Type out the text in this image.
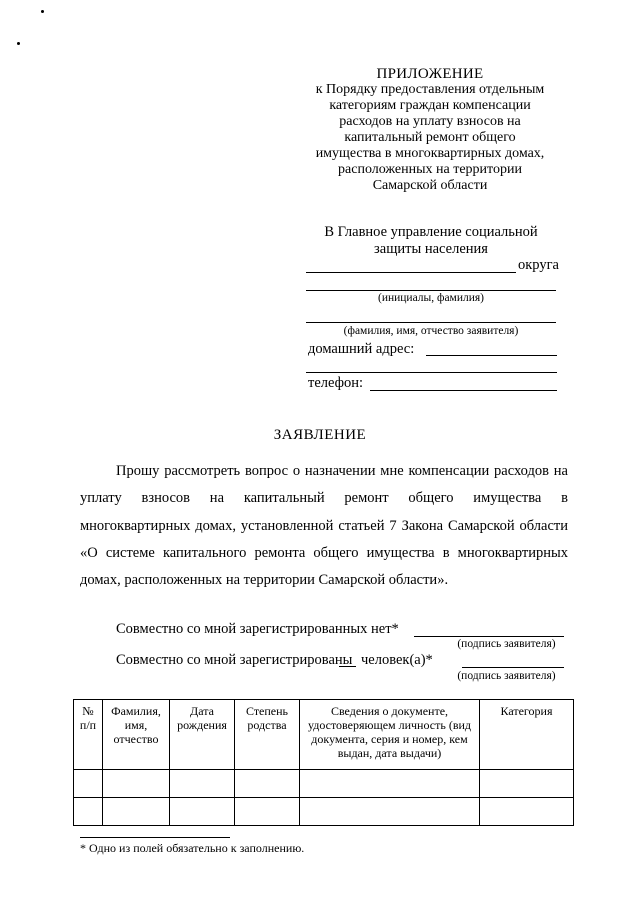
ПРИЛОЖЕНИЕ
к Порядку предоставления отдельным
категориям граждан компенсации
расходов на уплату взносов на
капитальный ремонт общего
имущества в многоквартирных домах,
расположенных на территории
Самарской области
В Главное управление социальной
защиты населения
округа
(инициалы, фамилия)
(фамилия, имя, отчество заявителя)
домашний адрес:
телефон:
ЗАЯВЛЕНИЕ
Прошу рассмотреть вопрос о назначении мне компенсации расходов на уплату взносов на капитальный ремонт общего имущества в многоквартирных домах, установленной статьей 7 Закона Самарской области «О системе капитального ремонта общего имущества в многоквартирных домах, расположенных на территории Самарской области».
Совместно со мной зарегистрированных нет*
(подпись заявителя)
Совместно со мной зарегистрированы человек(а)*
(подпись заявителя)
№ п/п	Фамилия, имя, отчество	Дата рождения	Степень родства	Сведения о документе, удостоверяющем личность (вид документа, серия и номер, кем выдан, дата выдачи)	Категория

* Одно из полей обязательно к заполнению.
